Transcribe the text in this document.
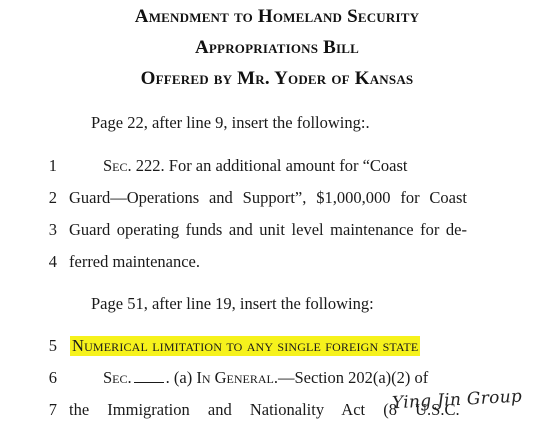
Amendment to Homeland Security
Appropriations Bill
Offered by Mr. Yoder of Kansas
Page 22, after line 9, insert the following:.
1	Sec. 222. For an additional amount for “Coast
2 Guard—Operations and Support”, $1,000,000 for Coast
3 Guard operating funds and unit level maintenance for de-
4 ferred maintenance.
Page 51, after line 19, insert the following:
5 Numerical limitation to any single foreign state
6	Sec. . (a) In General.—Section 202(a)(2) of
7 the Immigration and Nationality Act (8 U.S.C.
Ying Jin Group
